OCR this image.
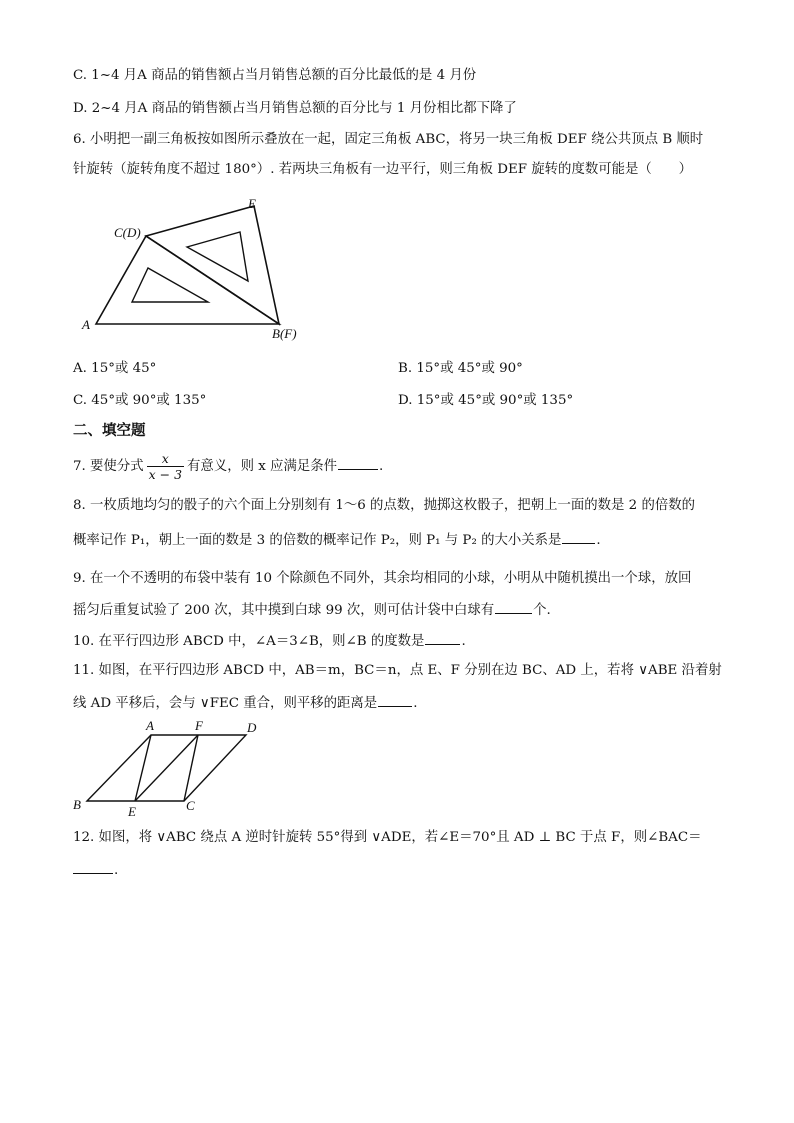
C. 1~4 月A 商品的销售额占当月销售总额的百分比最低的是 4 月份
D. 2~4 月A 商品的销售额占当月销售总额的百分比与 1 月份相比都下降了
6. 小明把一副三角板按如图所示叠放在一起，固定三角板 ABC，将另一块三角板 DEF 绕公共顶点 B 顺时
针旋转（旋转角度不超过 180°）. 若两块三角板有一边平行，则三角板 DEF 旋转的度数可能是（　　）
E
C(D)
A
B(F)
A. 15°或 45°	B. 15°或 45°或 90°
C. 45°或 90°或 135°	D. 15°或 45°或 90°或 135°
二、填空题
7. 要使分式 $\frac{x}{x - 3}$ 有意义，则 x 应满足条件	.
8. 一枚质地均匀的骰子的六个面上分别刻有 1～6 的点数，抛掷这枚骰子，把朝上一面的数是 2 的倍数的
概率记作 P₁，朝上一面的数是 3 的倍数的概率记作 P₂，则 P₁ 与 P₂ 的大小关系是	.
9. 在一个不透明的布袋中装有 10 个除颜色不同外，其余均相同的小球，小明从中随机摸出一个球，放回
摇匀后重复试验了 200 次，其中摸到白球 99 次，则可估计袋中白球有	个.
10. 在平行四边形 ABCD 中，∠A＝3∠B，则∠B 的度数是	.
11. 如图，在平行四边形 ABCD 中，AB＝m，BC＝n，点 E、F 分别在边 BC、AD 上，若将 ∨ABE 沿着射
线 AD 平移后，会与 ∨FEC 重合，则平移的距离是	.
A	F	D
B	E	C
12. 如图，将 ∨ABC 绕点 A 逆时针旋转 55°得到 ∨ADE，若∠E＝70°且 AD ⊥ BC 于点 F，则∠BAC＝
.
